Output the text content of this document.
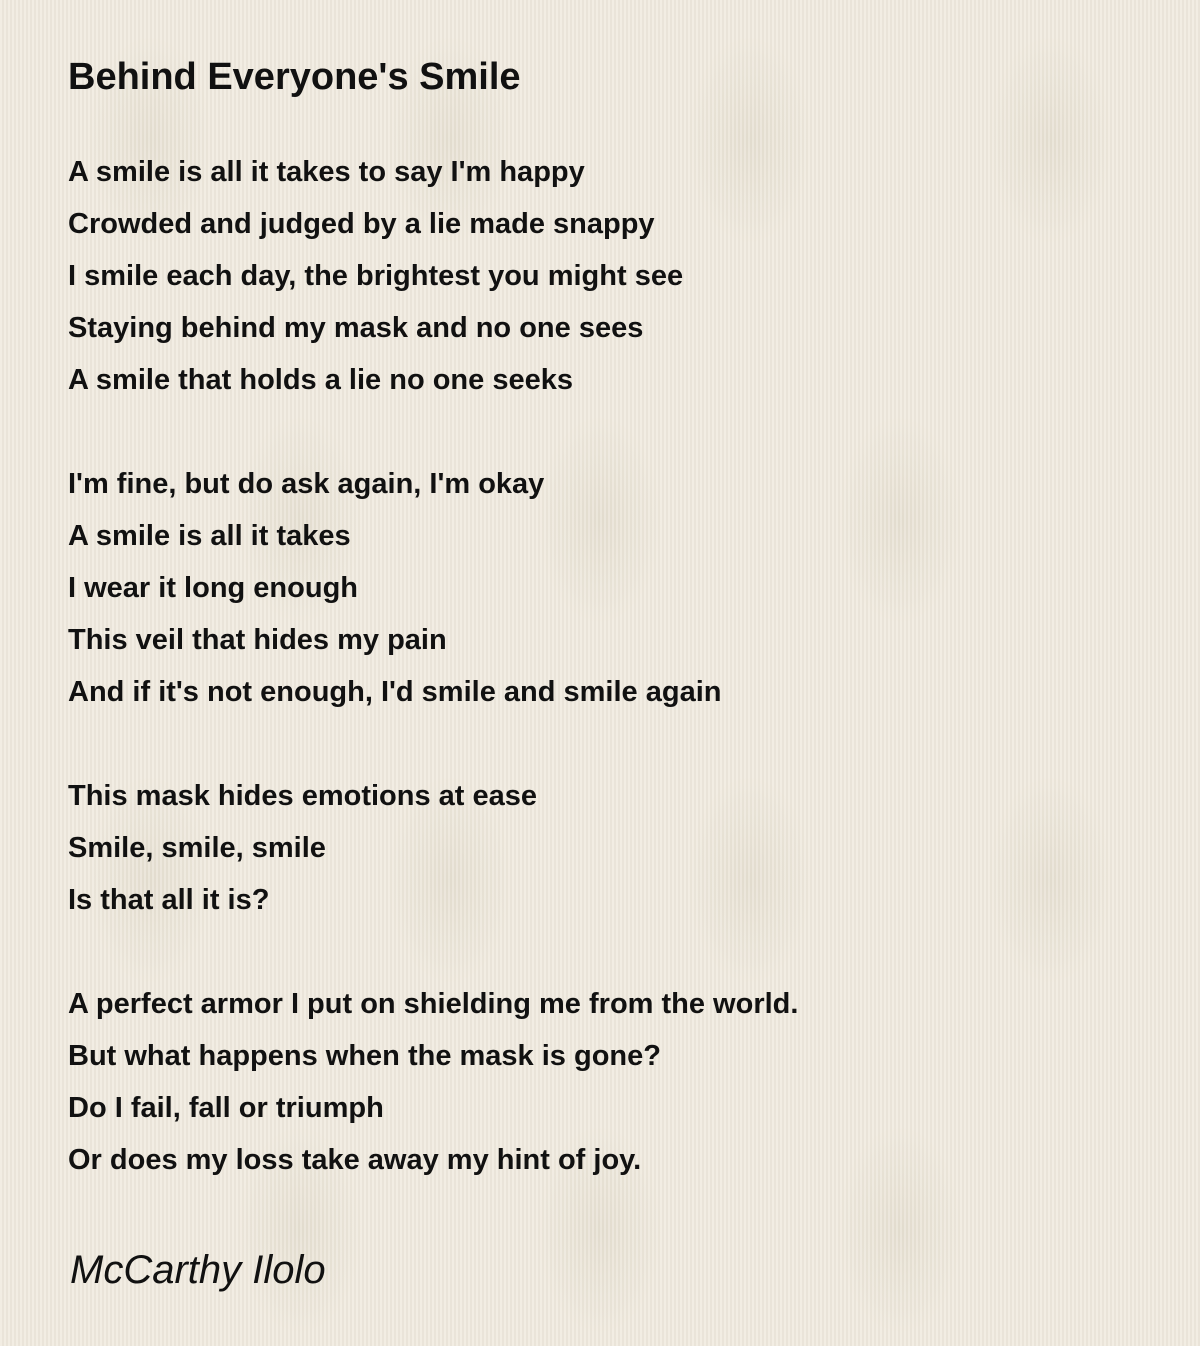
Behind Everyone's Smile
A smile is all it takes to say I'm happy
Crowded and judged by a lie made snappy
I smile each day, the brightest you might see
Staying behind my mask and no one sees
A smile that holds a lie no one seeks
I'm fine, but do ask again, I'm okay
A smile is all it takes
I wear it long enough
This veil that hides my pain
And if it's not enough, I'd smile and smile again
This mask hides emotions at ease
Smile, smile, smile
Is that all it is?
A perfect armor I put on shielding me from the world.
But what happens when the mask is gone?
Do I fail, fall or triumph
Or does my loss take away my hint of joy.
McCarthy Ilolo
